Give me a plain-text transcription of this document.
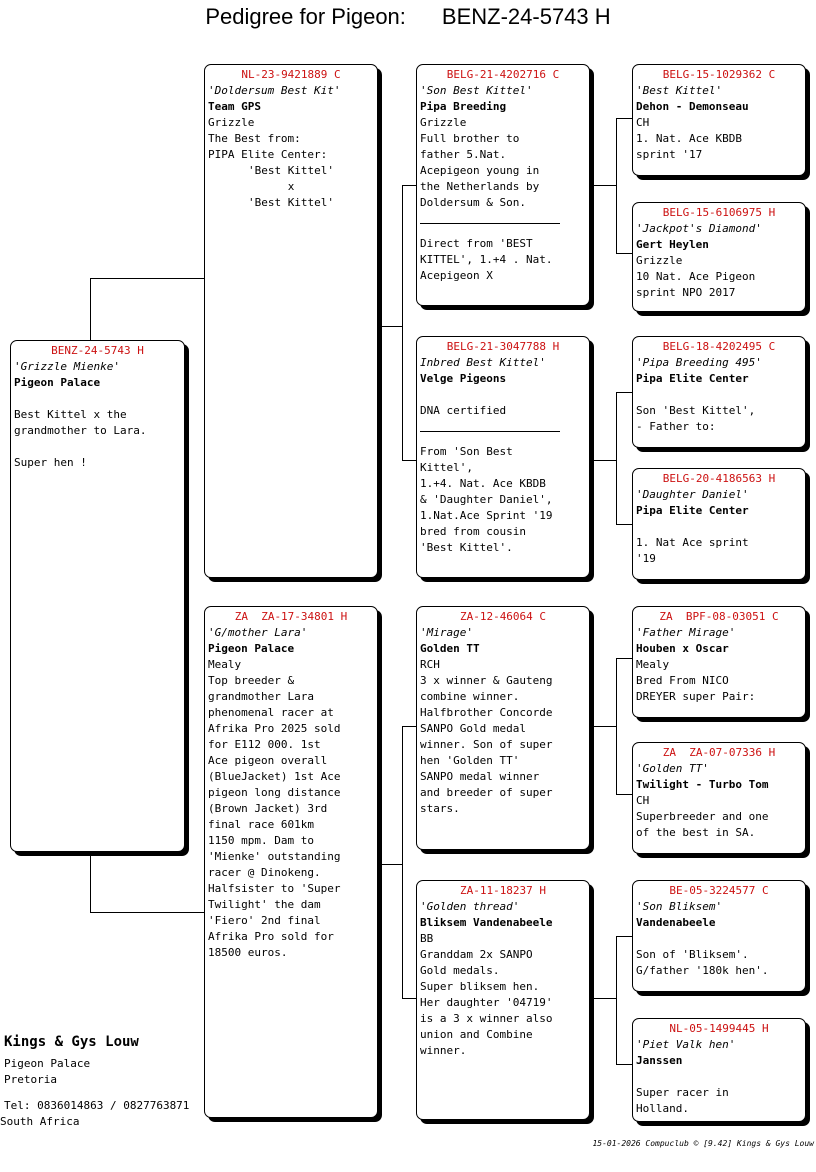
Pedigree for Pigeon: BENZ-24-5743 H
BENZ-24-5743 H
'Grizzle Mienke'
Pigeon Palace

Best Kittel x the
grandmother to Lara.

Super hen !
NL-23-9421889 C
'Doldersum Best Kit'
Team GPS
Grizzle
The Best from:
PIPA Elite Center:
'Best Kittel'
x
'Best Kittel'
ZA  ZA-17-34801 H
'G/mother Lara'
Pigeon Palace
Mealy
Top breeder &
grandmother Lara
phenomenal racer at
Afrika Pro 2025 sold
for E112 000. 1st
Ace pigeon overall
(BlueJacket) 1st Ace
pigeon long distance
(Brown Jacket) 3rd
final race 601km
1150 mpm. Dam to
'Mienke' outstanding
racer @ Dinokeng.
Halfsister to 'Super
Twilight' the dam
'Fiero' 2nd final
Afrika Pro sold for
18500 euros.
BELG-21-4202716 C
'Son Best Kittel'
Pipa Breeding
Grizzle
Full brother to
father 5.Nat.
Acepigeon young in
the Netherlands by
Doldersum & Son.
Direct from 'BEST
KITTEL', 1.+4 . Nat.
Acepigeon X
BELG-21-3047788 H
Inbred Best Kittel'
Velge Pigeons

DNA certified
From 'Son Best
Kittel',
1.+4. Nat. Ace KBDB
& 'Daughter Daniel',
1.Nat.Ace Sprint '19
bred from cousin
'Best Kittel'.
ZA-12-46064 C
'Mirage'
Golden TT
RCH
3 x winner & Gauteng
combine winner.
Halfbrother Concorde
SANPO Gold medal
winner. Son of super
hen 'Golden TT'
SANPO medal winner
and breeder of super
stars.
ZA-11-18237 H
'Golden thread'
Bliksem Vandenabeele
BB
Granddam 2x SANPO
Gold medals.
Super bliksem hen.
Her daughter '04719'
is a 3 x winner also
union and Combine
winner.
BELG-15-1029362 C
'Best Kittel'
Dehon - Demonseau
CH
1. Nat. Ace KBDB
sprint '17
BELG-15-6106975 H
'Jackpot's Diamond'
Gert Heylen
Grizzle
10 Nat. Ace Pigeon
sprint NPO 2017
BELG-18-4202495 C
'Pipa Breeding 495'
Pipa Elite Center

Son 'Best Kittel',
- Father to:
BELG-20-4186563 H
'Daughter Daniel'
Pipa Elite Center

1. Nat Ace sprint
'19
ZA  BPF-08-03051 C
'Father Mirage'
Houben x Oscar
Mealy
Bred From NICO
DREYER super Pair:
ZA  ZA-07-07336 H
'Golden TT'
Twilight - Turbo Tom
CH
Superbreeder and one
of the best in SA.
BE-05-3224577 C
'Son Bliksem'
Vandenabeele

Son of 'Bliksem'.
G/father '180k hen'.
NL-05-1499445 H
'Piet Valk hen'
Janssen

Super racer in
Holland.
Kings & Gys Louw
Pigeon Palace
Pretoria
Tel: 0836014863 / 0827763871
South Africa
15-01-2026 Compuclub © [9.42] Kings & Gys Louw
